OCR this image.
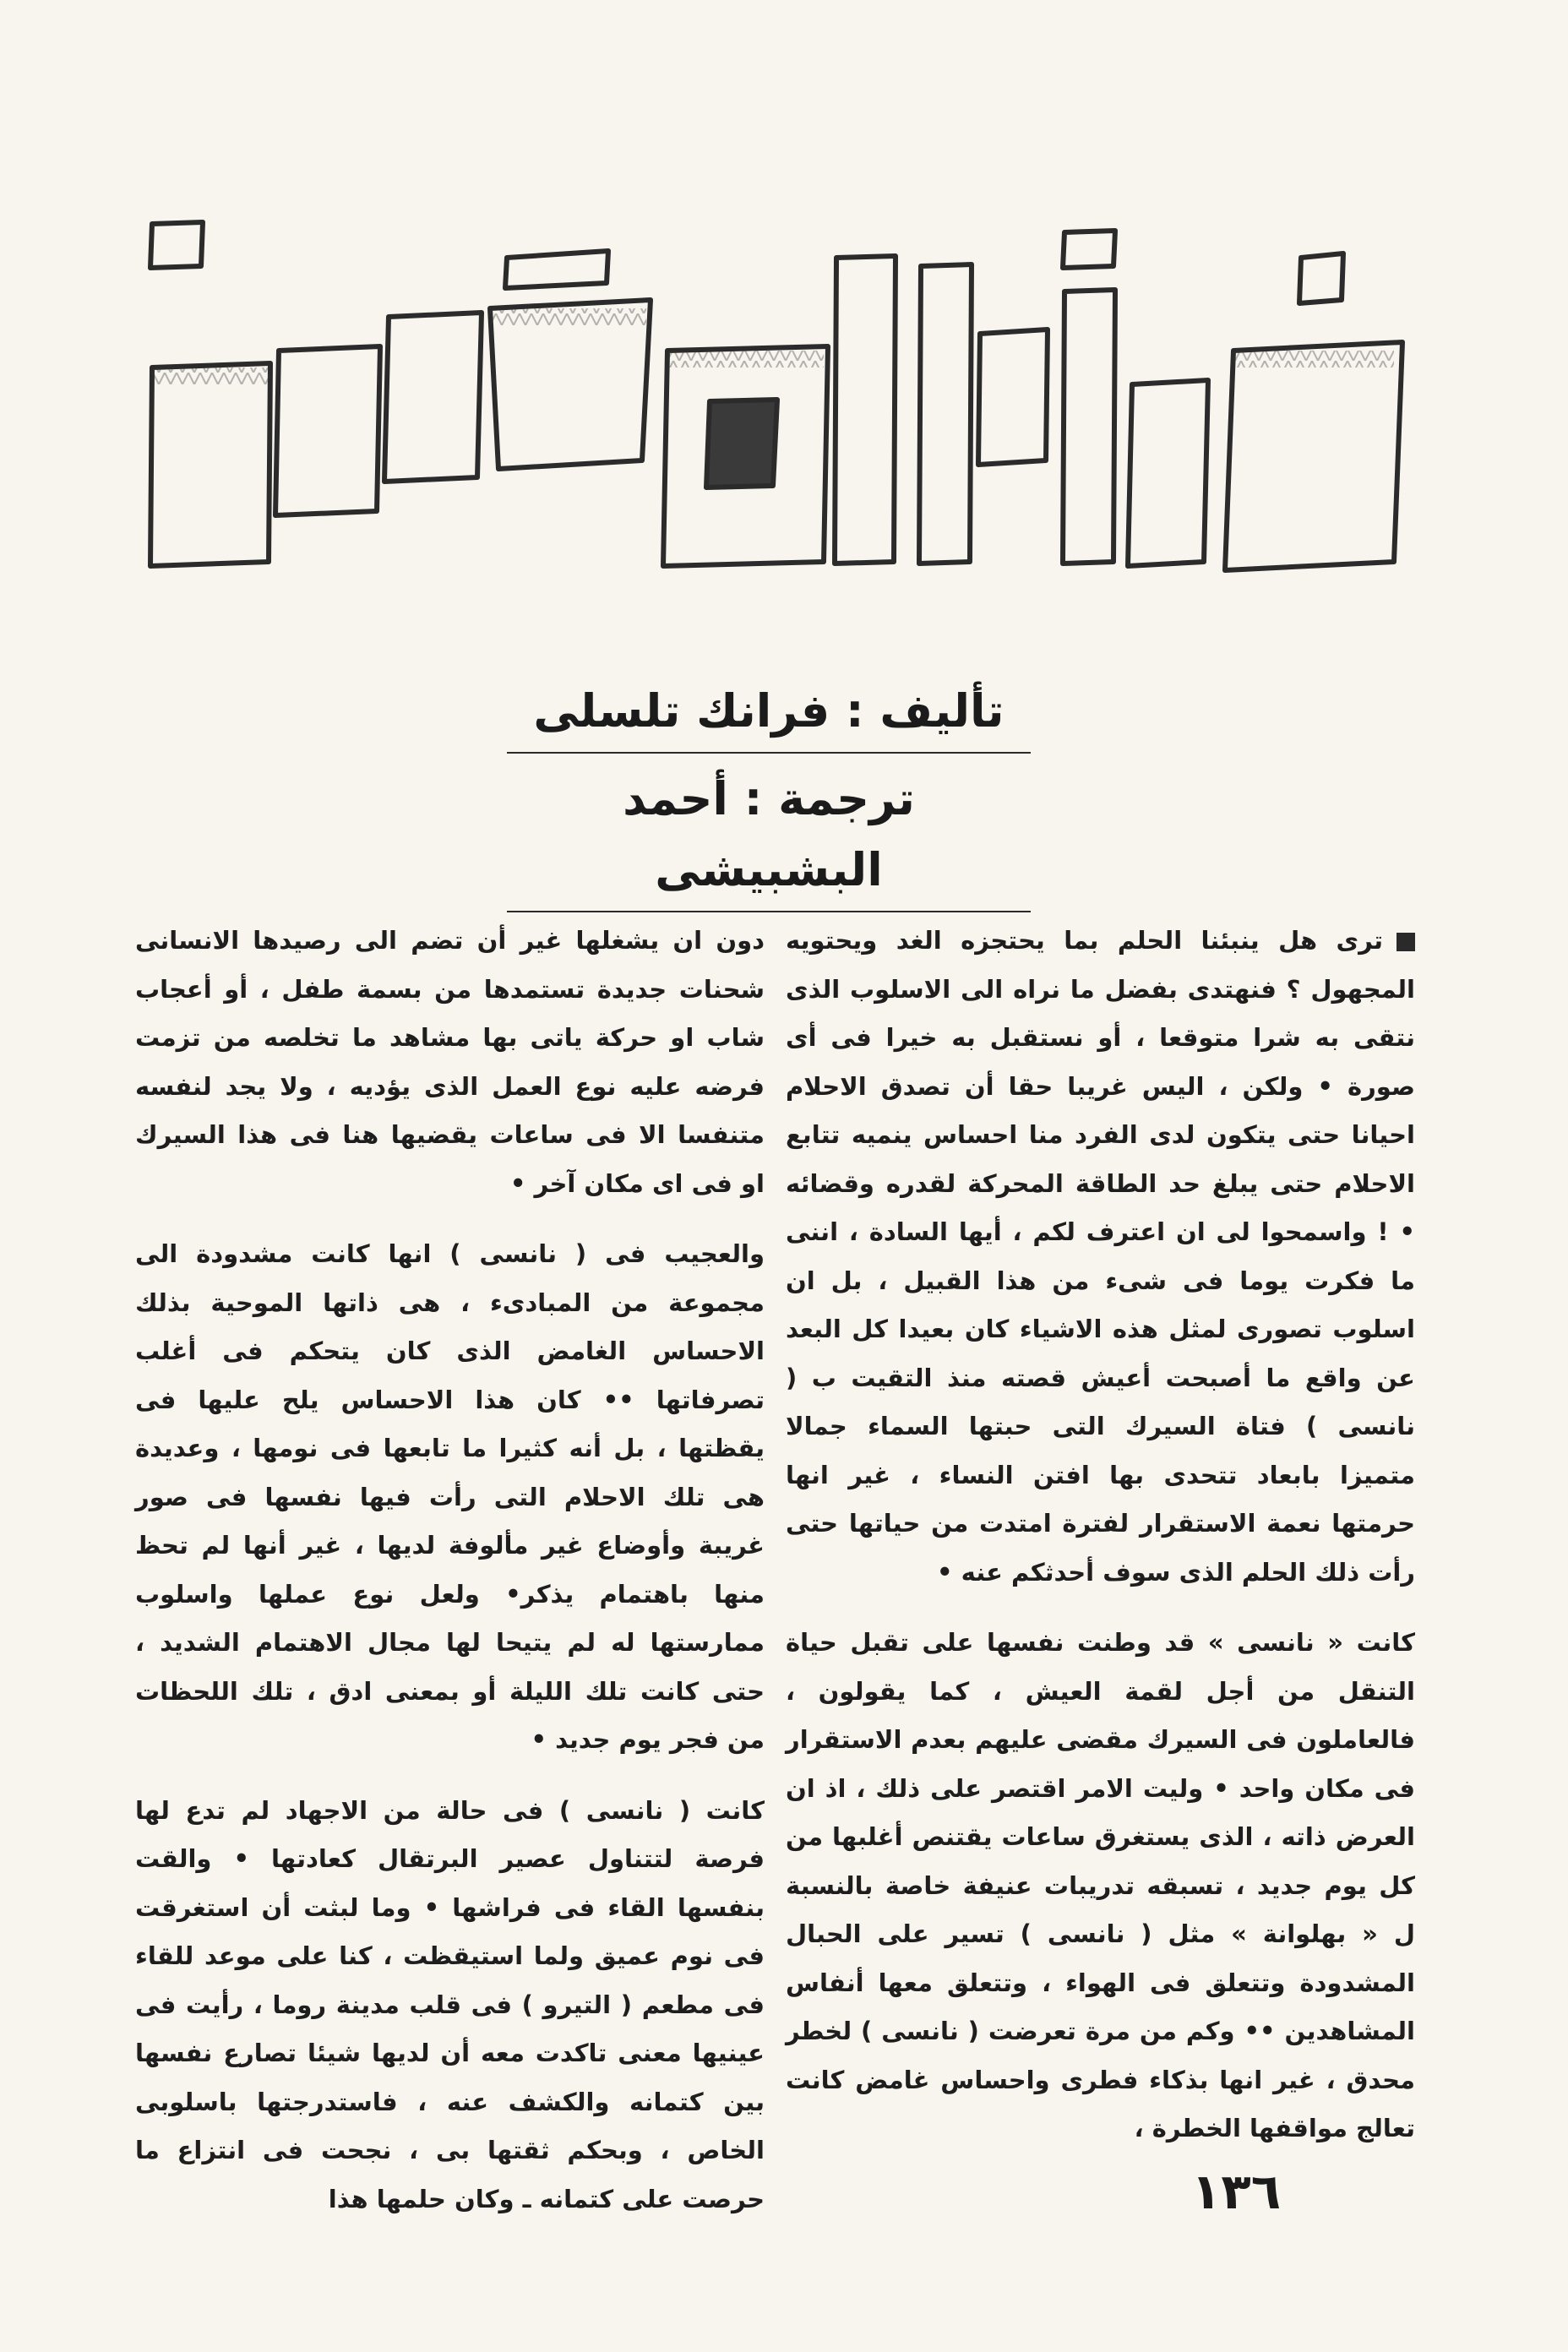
تأليف : فرانك تلسلى
ترجمة : أحمد البشبيشى

ترى هل ينبئنا الحلم بما يحتجزه الغد ويحتويه المجهول ؟ فنهتدى بفضل ما نراه الى الاسلوب الذى نتقى به شرا متوقعا ، أو نستقبل به خيرا فى أى صورة • ولكن ، اليس غريبا حقا أن تصدق الاحلام احيانا حتى يتكون لدى الفرد منا احساس ينميه تتابع الاحلام حتى يبلغ حد الطاقة المحركة لقدره وقضائه • ! واسمحوا لى ان اعترف لكم ، أيها السادة ، اننى ما فكرت يوما فى شىء من هذا القبيل ، بل ان اسلوب تصورى لمثل هذه الاشياء كان بعيدا كل البعد عن واقع ما أصبحت أعيش قصته منذ التقيت ب ( نانسى ) فتاة السيرك التى حبتها السماء جمالا متميزا بابعاد تتحدى بها افتن النساء ، غير انها حرمتها نعمة الاستقرار لفترة امتدت من حياتها حتى رأت ذلك الحلم الذى سوف أحدثكم عنه •

كانت « نانسى » قد وطنت نفسها على تقبل حياة التنقل من أجل لقمة العيش ، كما يقولون ، فالعاملون فى السيرك مقضى عليهم بعدم الاستقرار فى مكان واحد • وليت الامر اقتصر على ذلك ، اذ ان العرض ذاته ، الذى يستغرق ساعات يقتنص أغلبها من كل يوم جديد ، تسبقه تدريبات عنيفة خاصة بالنسبة ل « بهلوانة » مثل ( نانسى ) تسير على الحبال المشدودة وتتعلق فى الهواء ، وتتعلق معها أنفاس المشاهدين •• وكم من مرة تعرضت ( نانسى ) لخطر محدق ، غير انها بذكاء فطرى واحساس غامض كانت تعالج مواقفها الخطرة ،

دون ان يشغلها غير أن تضم الى رصيدها الانسانى شحنات جديدة تستمدها من بسمة طفل ، أو أعجاب شاب او حركة ياتى بها مشاهد ما تخلصه من تزمت فرضه عليه نوع العمل الذى يؤديه ، ولا يجد لنفسه متنفسا الا فى ساعات يقضيها هنا فى هذا السيرك او فى اى مكان آخر •

والعجيب فى ( نانسى ) انها كانت مشدودة الى مجموعة من المبادىء ، هى ذاتها الموحية بذلك الاحساس الغامض الذى كان يتحكم فى أغلب تصرفاتها •• كان هذا الاحساس يلح عليها فى يقظتها ، بل أنه كثيرا ما تابعها فى نومها ، وعديدة هى تلك الاحلام التى رأت فيها نفسها فى صور غريبة وأوضاع غير مألوفة لديها ، غير أنها لم تحظ منها باهتمام يذكر• ولعل نوع عملها واسلوب ممارستها له لم يتيحا لها مجال الاهتمام الشديد ، حتى كانت تلك الليلة أو بمعنى ادق ، تلك اللحظات من فجر يوم جديد •

كانت ( نانسى ) فى حالة من الاجهاد لم تدع لها فرصة لتتناول عصير البرتقال كعادتها • والقت بنفسها القاء فى فراشها • وما لبثت أن استغرقت فى نوم عميق ولما استيقظت ، كنا على موعد للقاء فى مطعم ( التيرو ) فى قلب مدينة روما ، رأيت فى عينيها معنى تاكدت معه أن لديها شيئا تصارع نفسها بين كتمانه والكشف عنه ، فاستدرجتها باسلوبى الخاص ، وبحكم ثقتها بى ، نجحت فى انتزاع ما حرصت على كتمانه ـ وكان حلمها هذا	١٣٦
